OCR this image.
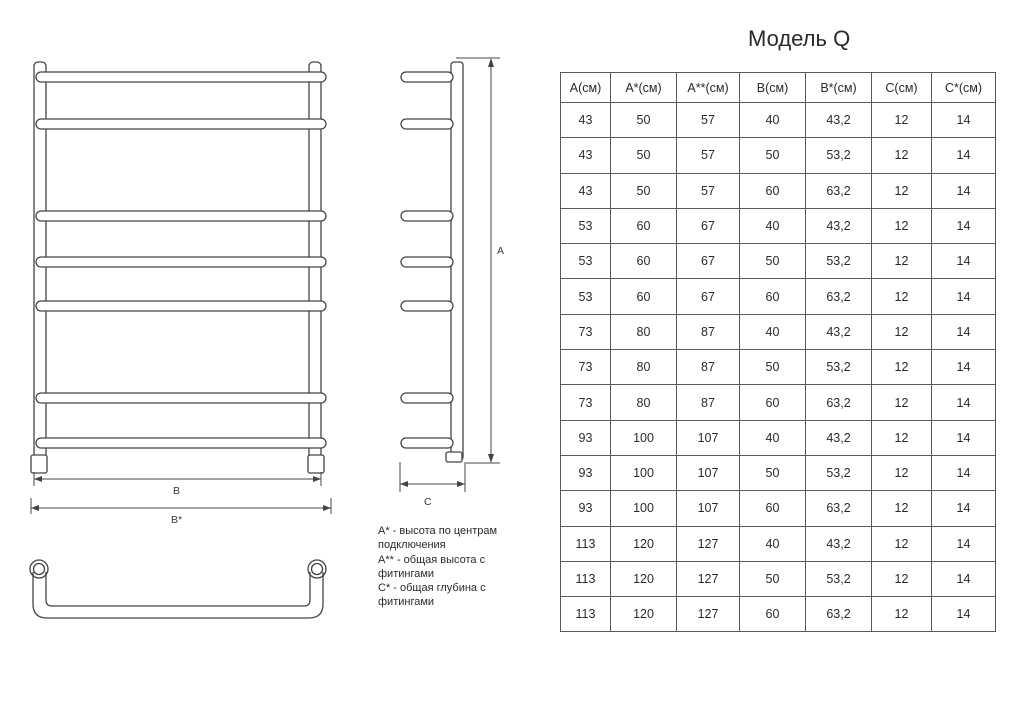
B
B*
A
C
Модель Q
A* - высота по центрам
подключения
A** - общая высота с
фитингами
C* - общая глубина с
фитингами
A(см)	A*(см)	A**(см)	B(см)	B*(см)	C(см)	C*(см)
43	50	57	40	43,2	12	14
43	50	57	50	53,2	12	14
43	50	57	60	63,2	12	14
53	60	67	40	43,2	12	14
53	60	67	50	53,2	12	14
53	60	67	60	63,2	12	14
73	80	87	40	43,2	12	14
73	80	87	50	53,2	12	14
73	80	87	60	63,2	12	14
93	100	107	40	43,2	12	14
93	100	107	50	53,2	12	14
93	100	107	60	63,2	12	14
113	120	127	40	43,2	12	14
113	120	127	50	53,2	12	14
113	120	127	60	63,2	12	14
